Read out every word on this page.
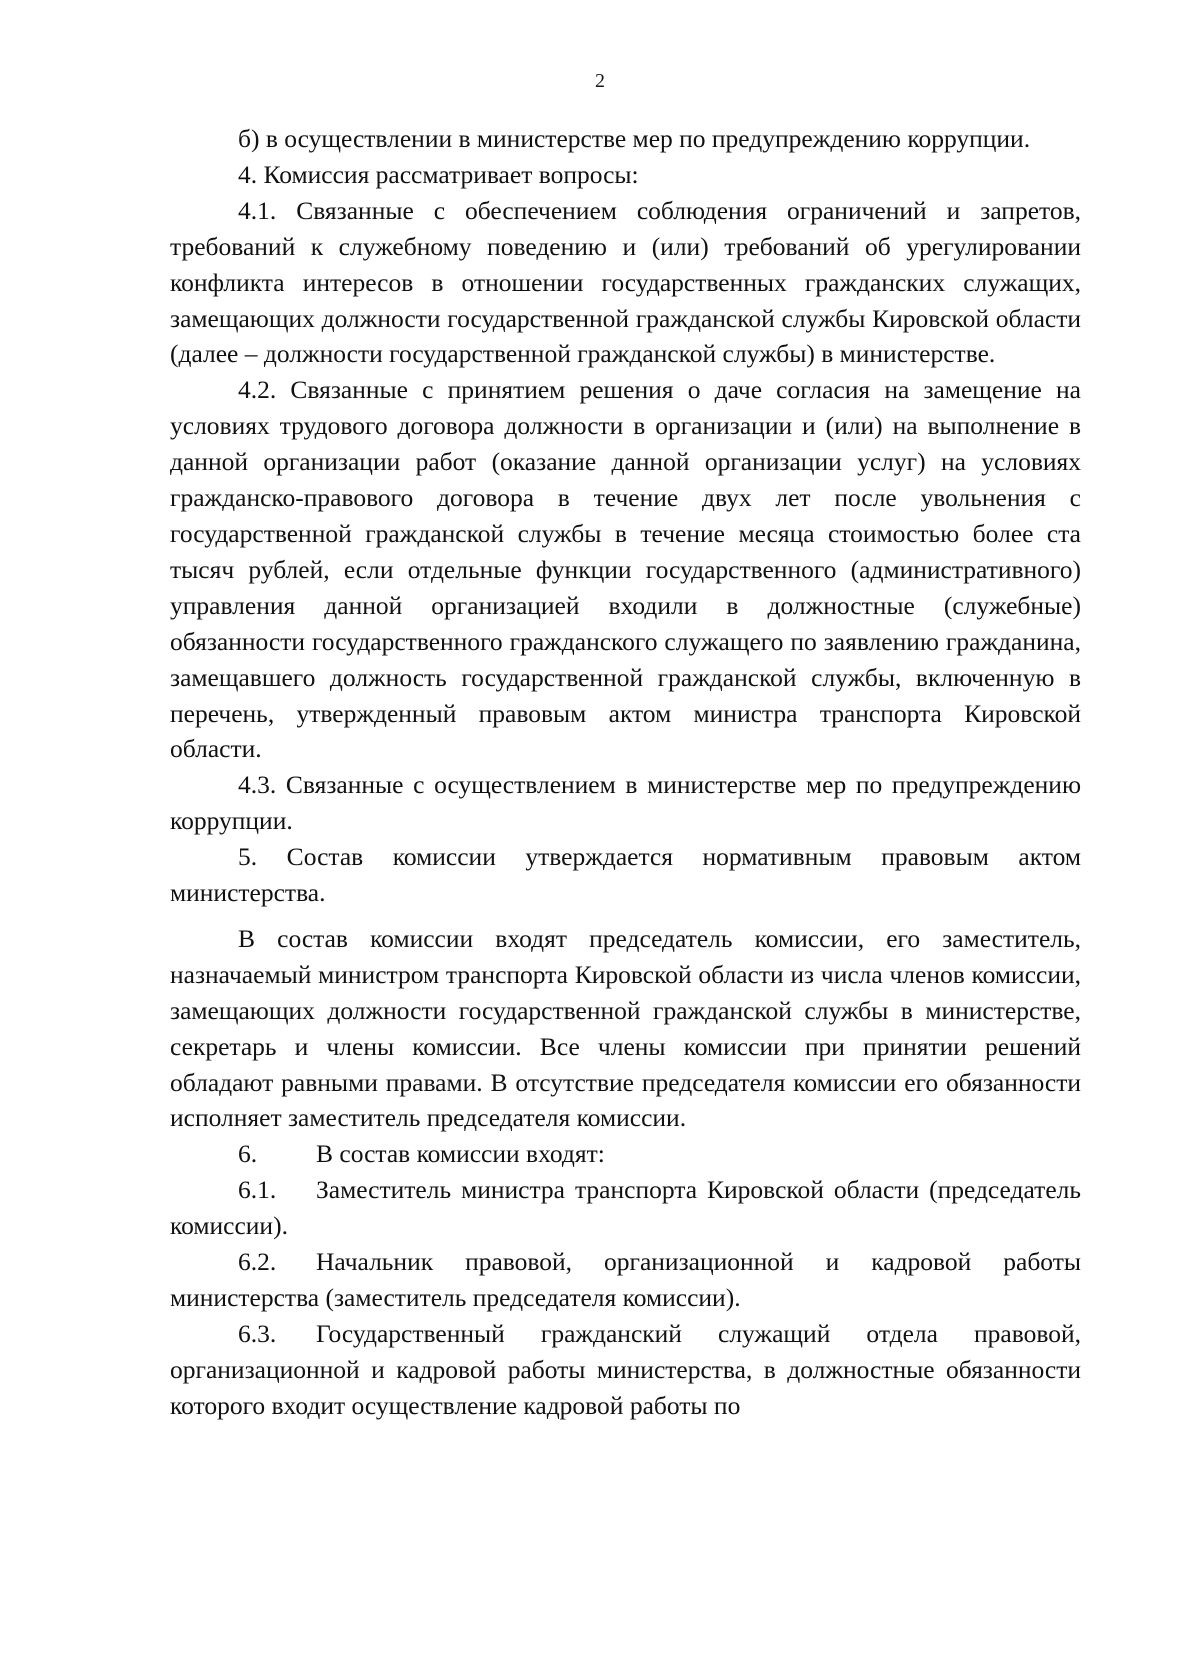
2

б) в осуществлении в министерстве мер по предупреждению коррупции.

4. Комиссия рассматривает вопросы:

4.1. Связанные с обеспечением соблюдения ограничений и запретов, требований к служебному поведению и (или) требований об урегулировании конфликта интересов в отношении государственных гражданских служащих, замещающих должности государственной гражданской службы Кировской области (далее – должности государственной гражданской службы) в министерстве.

4.2. Связанные с принятием решения о даче согласия на замещение на условиях трудового договора должности в организации и (или) на выполнение в данной организации работ (оказание данной организации услуг) на условиях гражданско-правового договора в течение двух лет после увольнения с государственной гражданской службы в течение месяца стоимостью более ста тысяч рублей, если отдельные функции государственного (административного) управления данной организацией входили в должностные (служебные) обязанности государственного гражданского служащего по заявлению гражданина, замещавшего должность государственной гражданской службы, включенную в перечень, утвержденный правовым актом министра транспорта Кировской области.

4.3. Связанные с осуществлением в министерстве мер по предупреждению коррупции.

5. Состав комиссии утверждается нормативным правовым актом министерства.

В состав комиссии входят председатель комиссии, его заместитель, назначаемый министром транспорта Кировской области из числа членов комиссии, замещающих должности государственной гражданской службы в министерстве, секретарь и члены комиссии. Все члены комиссии при принятии решений обладают равными правами. В отсутствие председателя комиссии его обязанности исполняет заместитель председателя комиссии.

6. В состав комиссии входят:

6.1. Заместитель министра транспорта Кировской области (председатель комиссии).

6.2. Начальник правовой, организационной и кадровой работы министерства (заместитель председателя комиссии).

6.3. Государственный гражданский служащий отдела правовой, организационной и кадровой работы министерства, в должностные обязанности которого входит осуществление кадровой работы по
